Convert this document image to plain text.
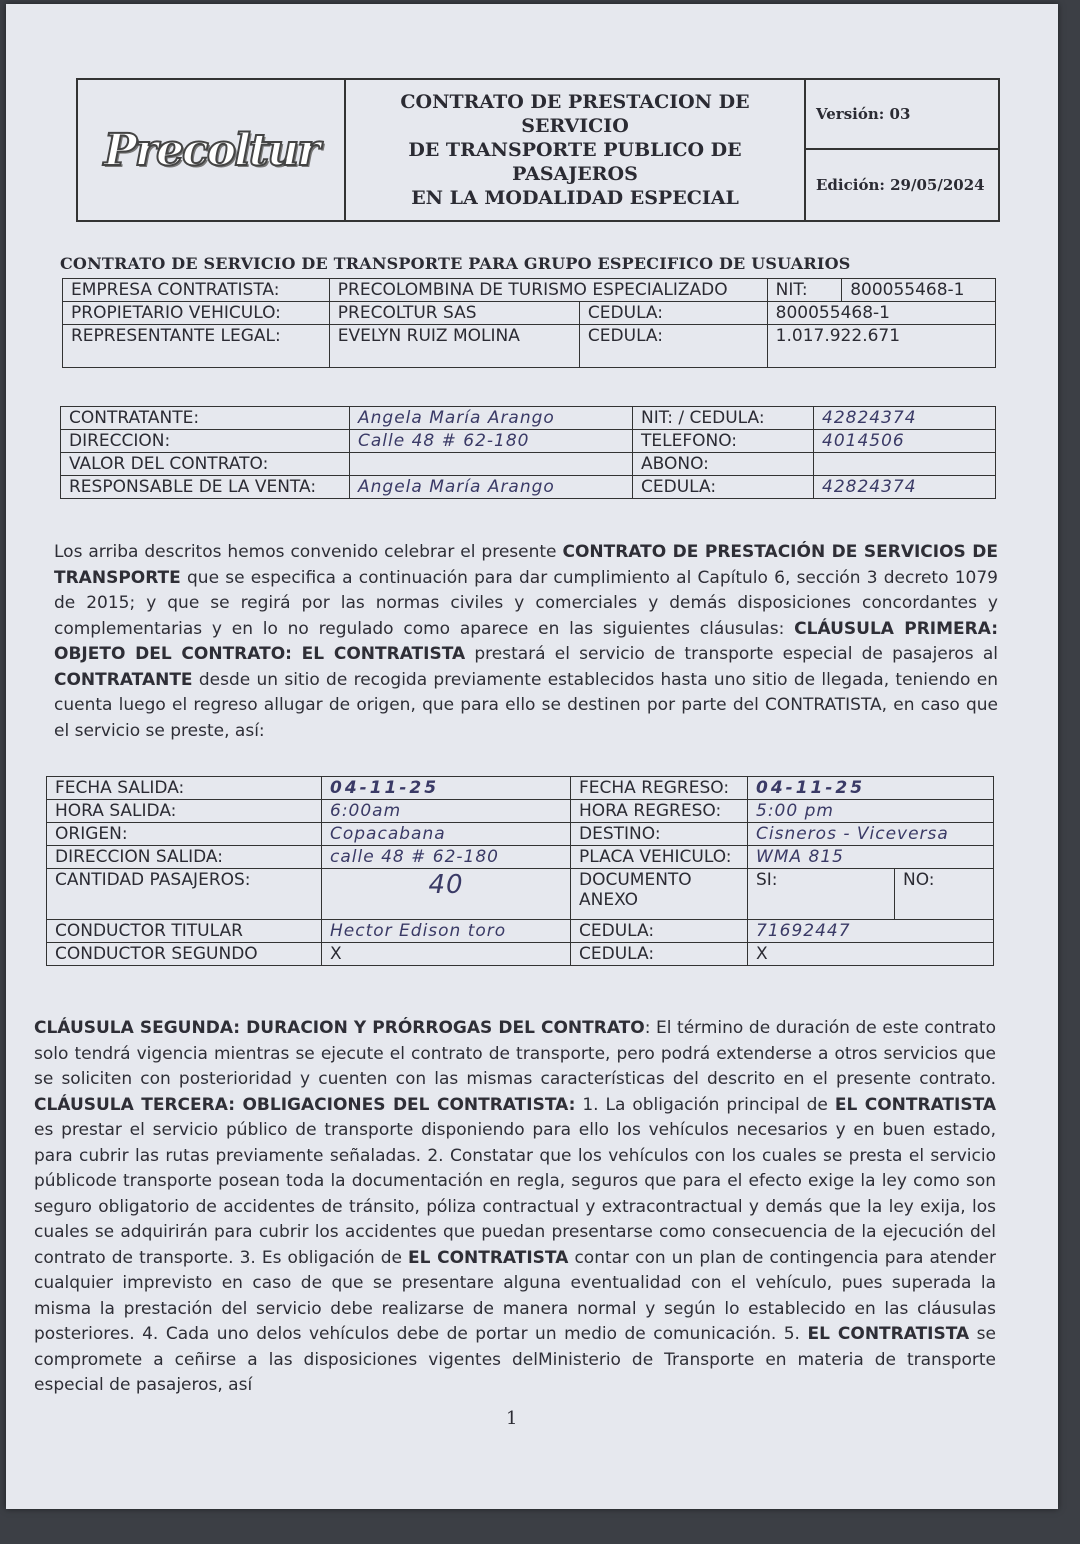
Precoltur
CONTRATO DE PRESTACION DE SERVICIO
DE TRANSPORTE PUBLICO DE PASAJEROS
EN LA MODALIDAD ESPECIAL
Versión: 03
Edición: 29/05/2024
CONTRATO DE SERVICIO DE TRANSPORTE PARA GRUPO ESPECIFICO DE USUARIOS
EMPRESA CONTRATISTA:	PRECOLOMBINA DE TURISMO ESPECIALIZADO		NIT:	800055468-1
PROPIETARIO VEHICULO:	PRECOLTUR SAS	CEDULA:	800055468-1	
REPRESENTANTE LEGAL:	EVELYN RUIZ MOLINA	CEDULA:	1.017.922.671	
CONTRATANTE:	Angela María Arango	NIT: / CEDULA:	42824374
DIRECCION:	Calle 48 # 62-180	TELEFONO:	4014506
VALOR DEL CONTRATO:		ABONO:	
RESPONSABLE DE LA VENTA:	Angela María Arango	CEDULA:	42824374
Los arriba descritos hemos convenido celebrar el presente CONTRATO DE PRESTACIÓN DE SERVICIOS DE TRANSPORTE que se especifica a continuación para dar cumplimiento al Capítulo 6, sección 3 decreto 1079 de 2015; y que se regirá por las normas civiles y comerciales y demás disposiciones concordantes y complementarias y en lo no regulado como aparece en las siguientes cláusulas: CLÁUSULA PRIMERA: OBJETO DEL CONTRATO: EL CONTRATISTA prestará el servicio de transporte especial de pasajeros al CONTRATANTE desde un sitio de recogida previamente establecidos hasta uno sitio de llegada, teniendo en cuenta luego el regreso allugar de origen, que para ello se destinen por parte del CONTRATISTA, en caso que el servicio se preste, así:
FECHA SALIDA:	04-11-25	FECHA REGRESO:	04-11-25	
HORA SALIDA:	6:00am	HORA REGRESO:	5:00 pm	
ORIGEN:	Copacabana	DESTINO:	Cisneros - Viceversa	
DIRECCION SALIDA:	calle 48 # 62-180	PLACA VEHICULO:	WMA 815	
CANTIDAD PASAJEROS:	40	DOCUMENTO ANEXO	SI:	NO:
CONDUCTOR TITULAR	Hector Edison toro	CEDULA:	71692447	
CONDUCTOR SEGUNDO	X	CEDULA:	X	
CLÁUSULA SEGUNDA: DURACION Y PRÓRROGAS DEL CONTRATO: El término de duración de este contrato solo tendrá vigencia mientras se ejecute el contrato de transporte, pero podrá extenderse a otros servicios que se soliciten con posterioridad y cuenten con las mismas características del descrito en el presente contrato. CLÁUSULA TERCERA: OBLIGACIONES DEL CONTRATISTA: 1. La obligación principal de EL CONTRATISTA es prestar el servicio público de transporte disponiendo para ello los vehículos necesarios y en buen estado, para cubrir las rutas previamente señaladas. 2. Constatar que los vehículos con los cuales se presta el servicio públicode transporte posean toda la documentación en regla, seguros que para el efecto exige la ley como son seguro obligatorio de accidentes de tránsito, póliza contractual y extracontractual y demás que la ley exija, los cuales se adquirirán para cubrir los accidentes que puedan presentarse como consecuencia de la ejecución del contrato de transporte. 3. Es obligación de EL CONTRATISTA contar con un plan de contingencia para atender cualquier imprevisto en caso de que se presentare alguna eventualidad con el vehículo, pues superada la misma la prestación del servicio debe realizarse de manera normal y según lo establecido en las cláusulas posteriores. 4. Cada uno delos vehículos debe de portar un medio de comunicación. 5. EL CONTRATISTA se compromete a ceñirse a las disposiciones vigentes delMinisterio de Transporte en materia de transporte especial de pasajeros, así
1
